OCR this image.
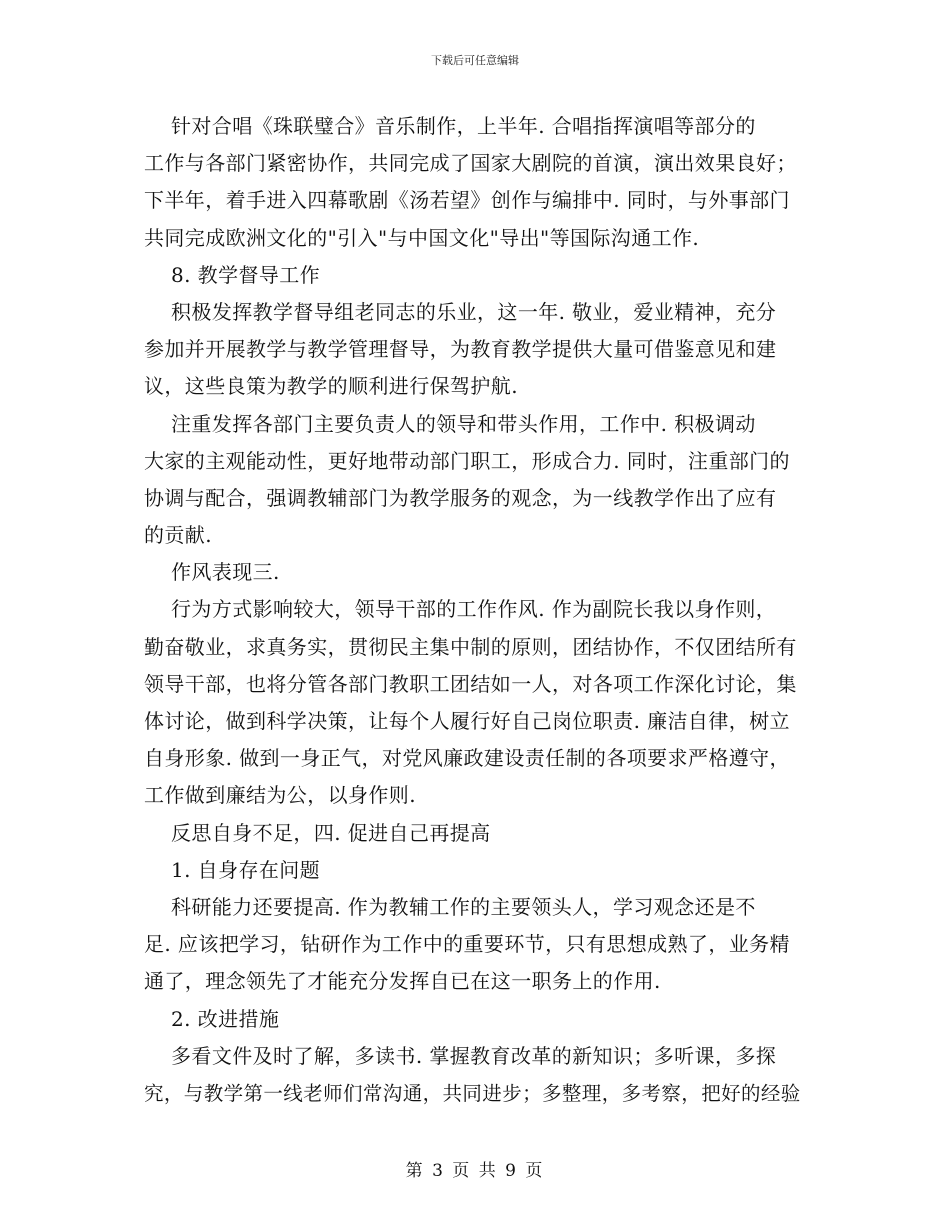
下载后可任意编辑
针对合唱《珠联璧合》音乐制作，上半年. 合唱指挥演唱等部分的
工作与各部门紧密协作，共同完成了国家大剧院的首演，演出效果良好；
下半年，着手进入四幕歌剧《汤若望》创作与编排中. 同时，与外事部门
共同完成欧洲文化的"引入"与中国文化"导出"等国际沟通工作.
8. 教学督导工作
积极发挥教学督导组老同志的乐业，这一年. 敬业，爱业精神，充分
参加并开展教学与教学管理督导，为教育教学提供大量可借鉴意见和建
议，这些良策为教学的顺利进行保驾护航.
注重发挥各部门主要负责人的领导和带头作用，工作中. 积极调动
大家的主观能动性，更好地带动部门职工，形成合力. 同时，注重部门的
协调与配合，强调教辅部门为教学服务的观念，为一线教学作出了应有
的贡献.
作风表现三.
行为方式影响较大，领导干部的工作作风. 作为副院长我以身作则，
勤奋敬业，求真务实，贯彻民主集中制的原则，团结协作，不仅团结所有
领导干部，也将分管各部门教职工团结如一人，对各项工作深化讨论，集
体讨论，做到科学决策，让每个人履行好自己岗位职责. 廉洁自律，树立
自身形象. 做到一身正气，对党风廉政建设责任制的各项要求严格遵守，
工作做到廉结为公，以身作则.
反思自身不足，四. 促进自己再提高
1. 自身存在问题
科研能力还要提高. 作为教辅工作的主要领头人，学习观念还是不
足. 应该把学习，钻研作为工作中的重要环节，只有思想成熟了，业务精
通了，理念领先了才能充分发挥自已在这一职务上的作用.
2. 改进措施
多看文件及时了解，多读书. 掌握教育改革的新知识；多听课，多探
究，与教学第一线老师们常沟通，共同进步；多整理，多考察，把好的经验
第 3 页 共 9 页
